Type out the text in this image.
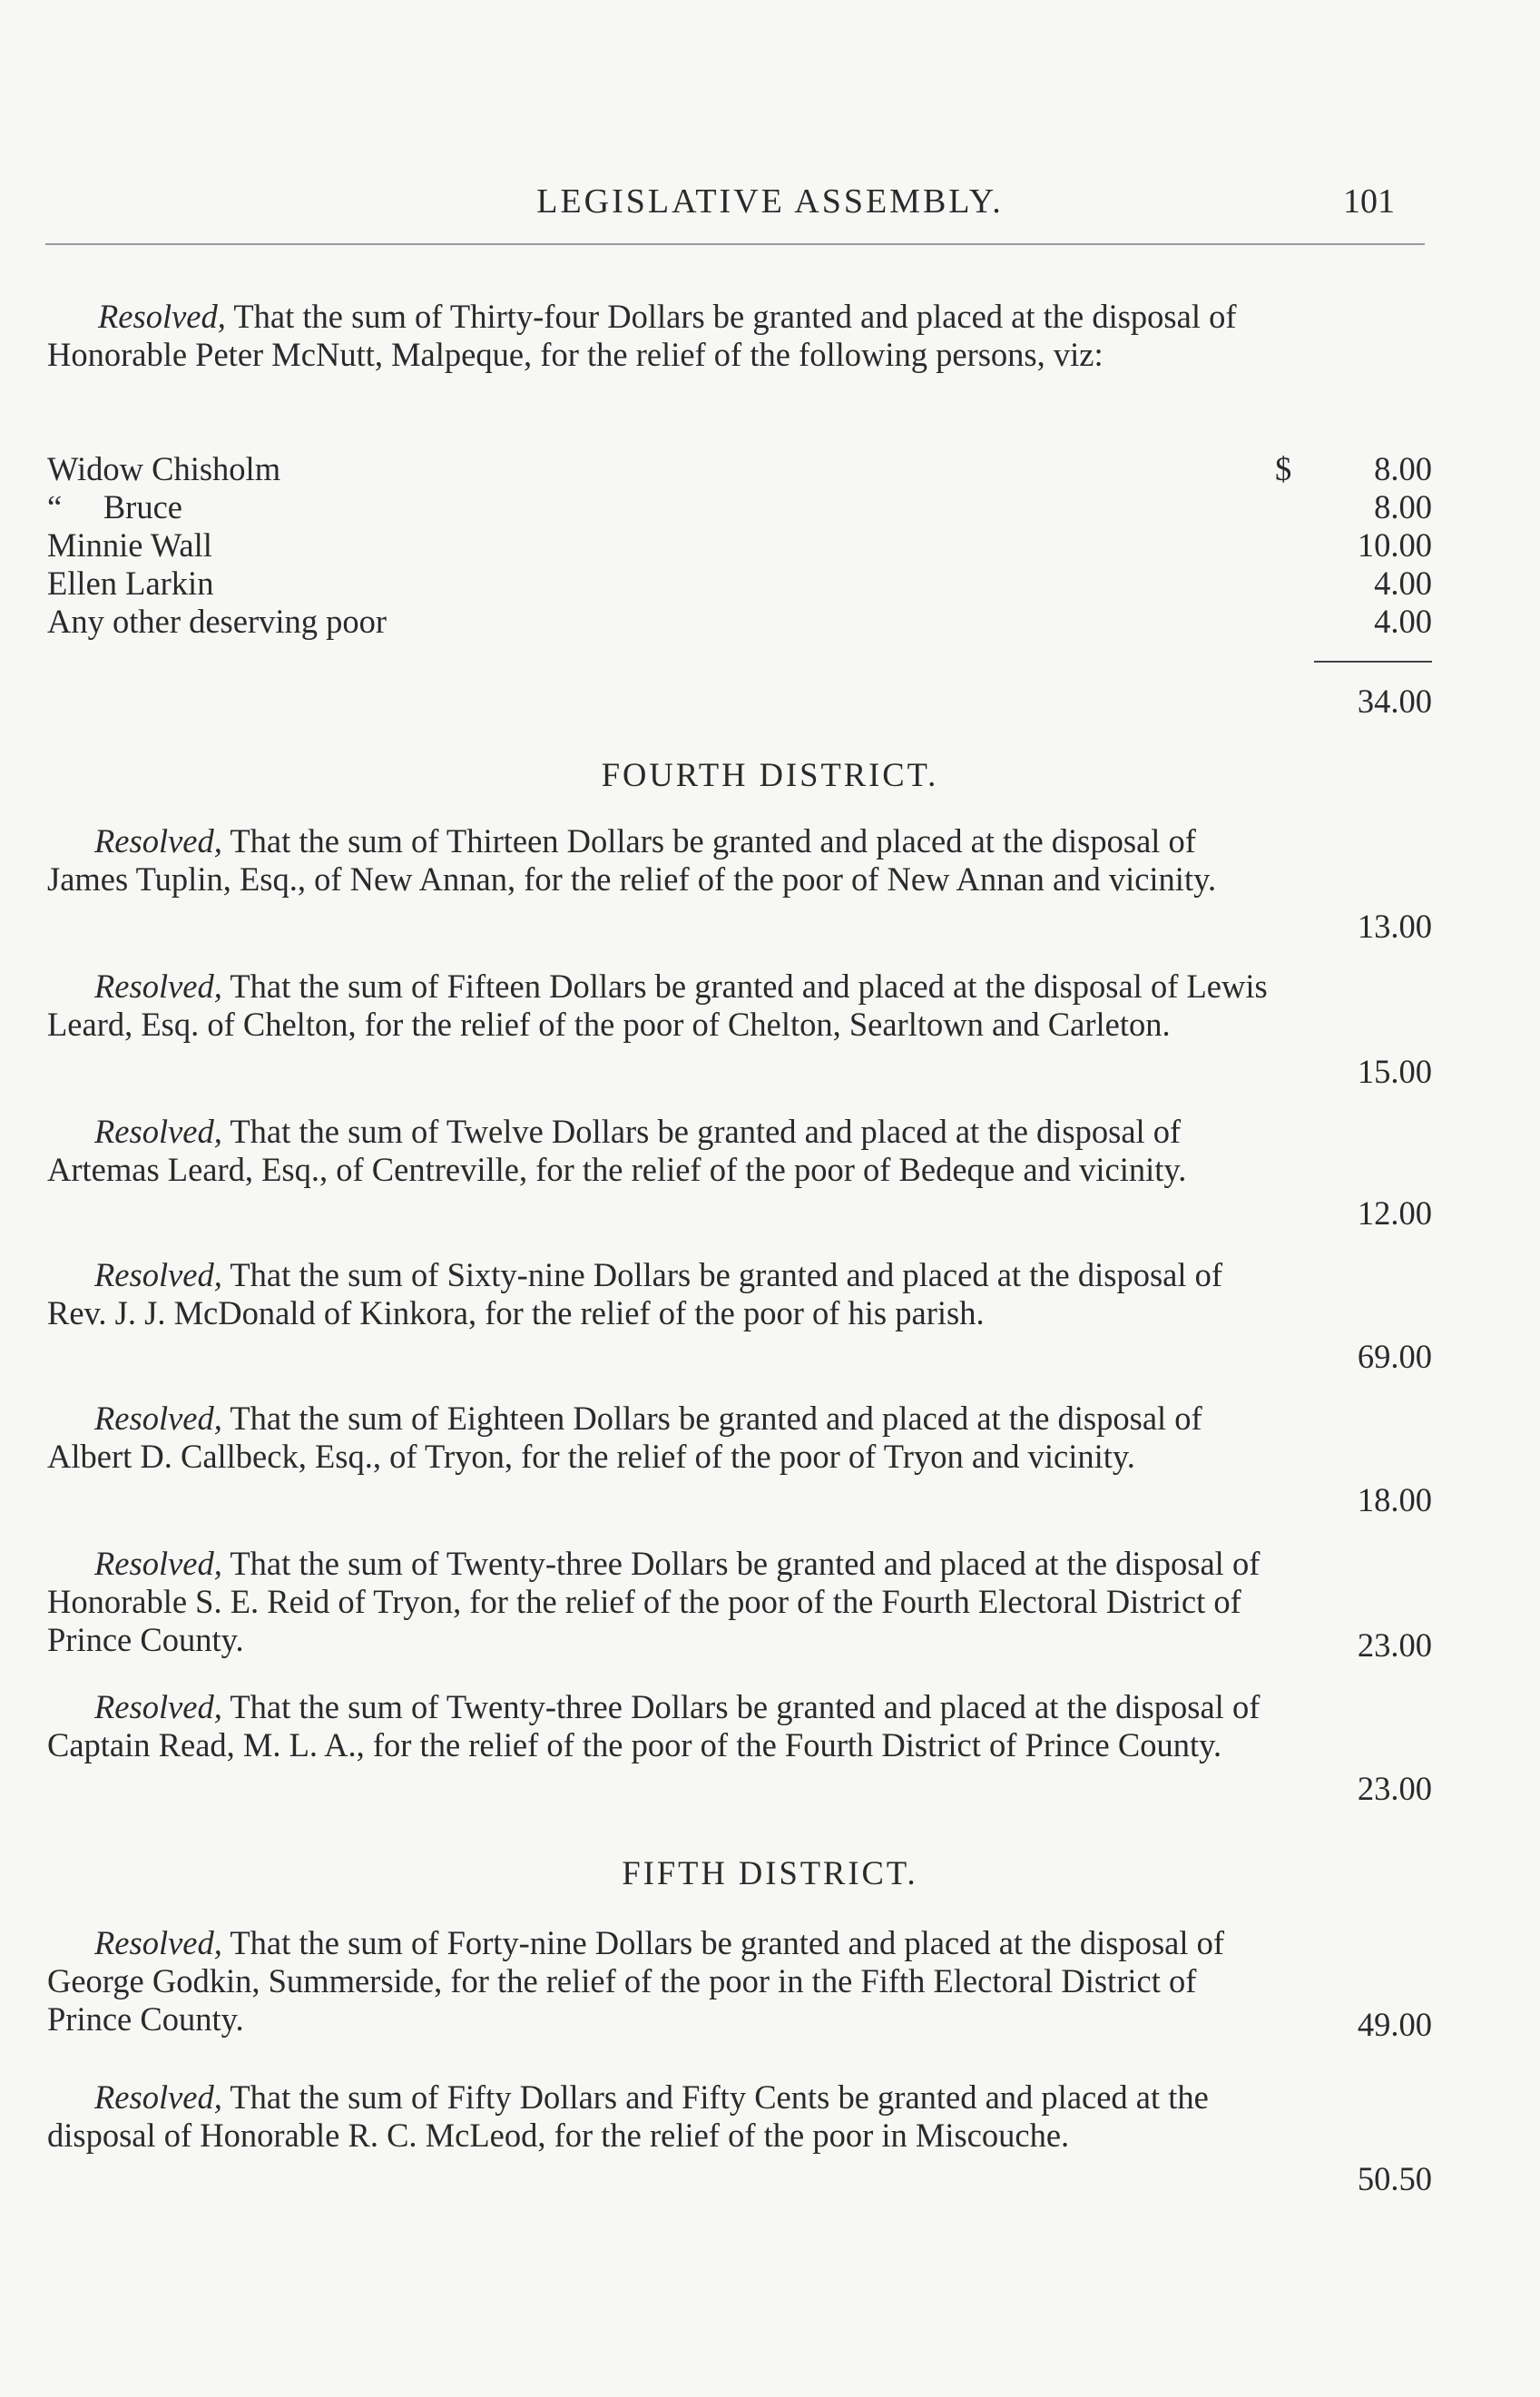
LEGISLATIVE ASSEMBLY.	101
Resolved, That the sum of Thirty-four Dollars be granted and placed at the disposal of Honorable Peter McNutt, Malpeque, for the relief of the following persons, viz:
$
Widow Chisholm	8.00
“     Bruce	8.00
Minnie Wall	10.00
Ellen Larkin	4.00
Any other deserving poor	4.00
34.00
FOURTH DISTRICT.
Resolved, That the sum of Thirteen Dollars be granted and placed at the disposal of James Tuplin, Esq., of New Annan, for the relief of the poor of New Annan and vicinity.
13.00
Resolved, That the sum of Fifteen Dollars be granted and placed at the disposal of Lewis Leard, Esq. of Chelton, for the relief of the poor of Chelton, Searltown and Carleton.
15.00
Resolved, That the sum of Twelve Dollars be granted and placed at the disposal of Artemas Leard, Esq., of Centreville, for the relief of the poor of Bedeque and vicinity.
12.00
Resolved, That the sum of Sixty-nine Dollars be granted and placed at the disposal of Rev. J. J. McDonald of Kinkora, for the relief of the poor of his parish.
69.00
Resolved, That the sum of Eighteen Dollars be granted and placed at the disposal of Albert D. Callbeck, Esq., of Tryon, for the relief of the poor of Tryon and vicinity.
18.00
Resolved, That the sum of Twenty-three Dollars be granted and placed at the disposal of Honorable S. E. Reid of Tryon, for the relief of the poor of the Fourth Electoral District of Prince County.	23.00
Resolved, That the sum of Twenty-three Dollars be granted and placed at the disposal of Captain Read, M. L. A., for the relief of the poor of the Fourth District of Prince County.
23.00
FIFTH DISTRICT.
Resolved, That the sum of Forty-nine Dollars be granted and placed at the disposal of George Godkin, Summerside, for the relief of the poor in the Fifth Electoral District of Prince County.	49.00
Resolved, That the sum of Fifty Dollars and Fifty Cents be granted and placed at the disposal of Honorable R. C. McLeod, for the relief of the poor in Miscouche.
50.50
